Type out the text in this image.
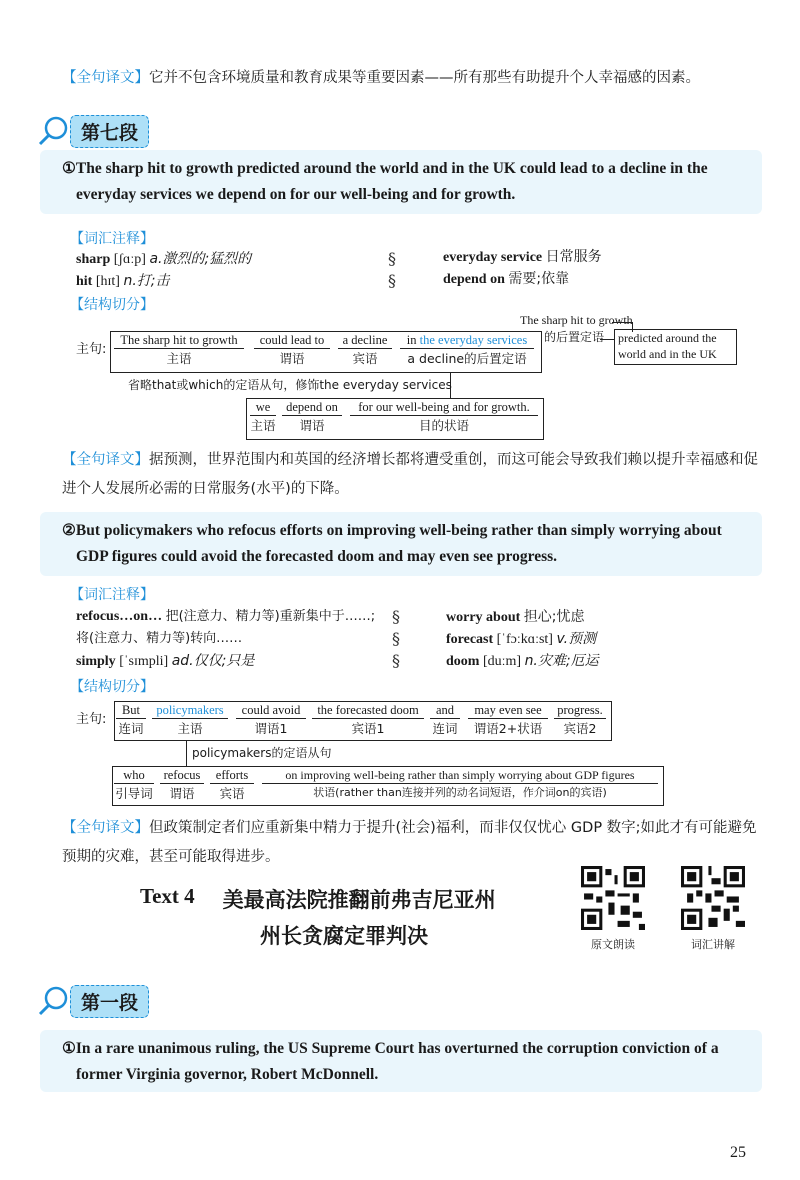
【全句译文】它并不包含环境质量和教育成果等重要因素——所有那些有助提升个人幸福感的因素。
第七段
①The sharp hit to growth predicted around the world and in the UK could lead to a decline in the everyday services we depend on for our well-being and for growth.
【词汇注释】
sharp [ʃɑːp] a.激烈的;猛烈的
hit [hɪt] n.打;击
§
§
everyday service 日常服务
depend on 需要;依靠
【结构切分】
主句:
The sharp hit to growth
主语
could lead to
谓语
a decline
宾语
in the everyday services
a decline的后置定语
The sharp hit to growth
的后置定语 predicted around the
world and in the UK
省略that或which的定语从句，修饰the everyday services
we
主语
depend on
谓语
for our well-being and for growth.
目的状语
【全句译文】据预测，世界范围内和英国的经济增长都将遭受重创，而这可能会导致我们赖以提升幸福感和促进个人发展所必需的日常服务(水平)的下降。
②But policymakers who refocus efforts on improving well-being rather than simply worrying about GDP figures could avoid the forecasted doom and may even see progress.
【词汇注释】
refocus…on… 把(注意力、精力等)重新集中于……;将(注意力、精力等)转向……
simply [ˈsɪmpli] ad.仅仅;只是
§
§
§
worry about 担心;忧虑
forecast [ˈfɔːkɑːst] v.预测
doom [duːm] n.灾难;厄运
【结构切分】
主句:
But
连词
policymakers
主语
could avoid
谓语1
the forecasted doom
宾语1
and
连词
may even see
谓语2+状语
progress.
宾语2
policymakers的定语从句
who
引导词
refocus
谓语
efforts
宾语
on improving well-being rather than simply worrying about GDP figures
状语(rather than连接并列的动名词短语，作介词on的宾语)
【全句译文】但政策制定者们应重新集中精力于提升(社会)福利，而非仅仅忧心 GDP 数字;如此才有可能避免预期的灾难，甚至可能取得进步。
Text 4 美最高法院推翻前弗吉尼亚州
州长贪腐定罪判决	原文朗读	词汇讲解
第一段
①In a rare unanimous ruling, the US Supreme Court has overturned the corruption conviction of a former Virginia governor, Robert McDonnell.
25
